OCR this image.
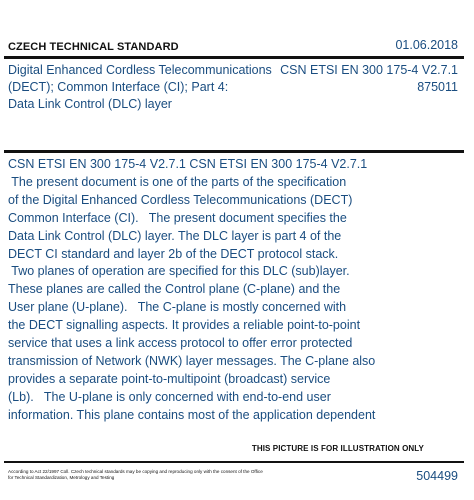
CZECH TECHNICAL STANDARD	01.06.2018
Digital Enhanced Cordless Telecommunications
(DECT); Common Interface (CI); Part 4:
Data Link Control (DLC) layer
CSN ETSI EN 300 175-4 V2.7.1
875011
CSN ETSI EN 300 175-4 V2.7.1 CSN ETSI EN 300 175-4 V2.7.1
The present document is one of the parts of the specification
of the Digital Enhanced Cordless Telecommunications (DECT)
Common Interface (CI).   The present document specifies the
Data Link Control (DLC) layer. The DLC layer is part 4 of the
DECT CI standard and layer 2b of the DECT protocol stack.
Two planes of operation are specified for this DLC (sub)layer.
These planes are called the Control plane (C-plane) and the
User plane (U-plane).   The C-plane is mostly concerned with
the DECT signalling aspects. It provides a reliable point-to-point
service that uses a link access protocol to offer error protected
transmission of Network (NWK) layer messages. The C-plane also
provides a separate point-to-multipoint (broadcast) service
(Lb).   The U-plane is only concerned with end-to-end user
information. This plane contains most of the application dependent
THIS PICTURE IS FOR ILLUSTRATION ONLY
According to Act 22/1997 Coll. Czech technical standards may be copying and reproducing only with the consent of the Office
for Technical Standardization, Metrology and Testing	504499
